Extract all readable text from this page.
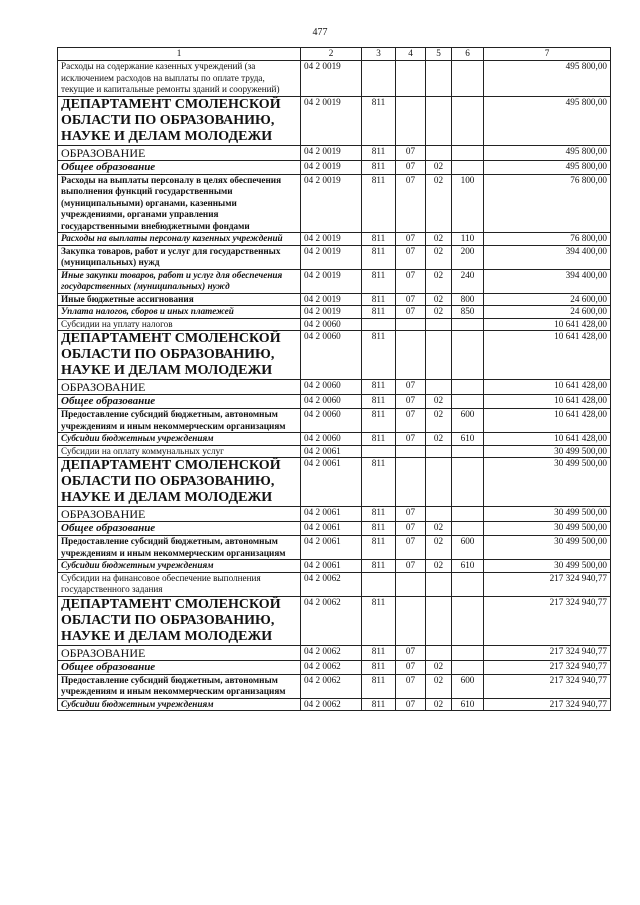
477
1	2	3	4	5	6	7
Расходы на содержание казенных учреждений (за исключением расходов на выплаты по оплате труда, текущие и капитальные ремонты зданий и сооружений)	04 2 0019					495 800,00
ДЕПАРТАМЕНТ СМОЛЕНСКОЙ ОБЛАСТИ ПО ОБРАЗОВАНИЮ, НАУКЕ И ДЕЛАМ МОЛОДЕЖИ	04 2 0019	811				495 800,00
ОБРАЗОВАНИЕ	04 2 0019	811	07			495 800,00
Общее образование	04 2 0019	811	07	02		495 800,00
Расходы на выплаты персоналу в целях обеспечения выполнения функций государственными (муниципальными) органами, казенными учреждениями, органами управления государственными внебюджетными фондами	04 2 0019	811	07	02	100	76 800,00
Расходы на выплаты персоналу казенных учреждений	04 2 0019	811	07	02	110	76 800,00
Закупка товаров, работ и услуг для государственных (муниципальных) нужд	04 2 0019	811	07	02	200	394 400,00
Иные закупки товаров, работ и услуг для обеспечения государственных (муниципальных) нужд	04 2 0019	811	07	02	240	394 400,00
Иные бюджетные ассигнования	04 2 0019	811	07	02	800	24 600,00
Уплата налогов, сборов и иных платежей	04 2 0019	811	07	02	850	24 600,00
Субсидии на уплату налогов	04 2 0060					10 641 428,00
ДЕПАРТАМЕНТ СМОЛЕНСКОЙ ОБЛАСТИ ПО ОБРАЗОВАНИЮ, НАУКЕ И ДЕЛАМ МОЛОДЕЖИ	04 2 0060	811				10 641 428,00
ОБРАЗОВАНИЕ	04 2 0060	811	07			10 641 428,00
Общее образование	04 2 0060	811	07	02		10 641 428,00
Предоставление субсидий бюджетным, автономным учреждениям и иным некоммерческим организациям	04 2 0060	811	07	02	600	10 641 428,00
Субсидии бюджетным учреждениям	04 2 0060	811	07	02	610	10 641 428,00
Субсидии на оплату коммунальных услуг	04 2 0061					30 499 500,00
ДЕПАРТАМЕНТ СМОЛЕНСКОЙ ОБЛАСТИ ПО ОБРАЗОВАНИЮ, НАУКЕ И ДЕЛАМ МОЛОДЕЖИ	04 2 0061	811				30 499 500,00
ОБРАЗОВАНИЕ	04 2 0061	811	07			30 499 500,00
Общее образование	04 2 0061	811	07	02		30 499 500,00
Предоставление субсидий бюджетным, автономным учреждениям и иным некоммерческим организациям	04 2 0061	811	07	02	600	30 499 500,00
Субсидии бюджетным учреждениям	04 2 0061	811	07	02	610	30 499 500,00
Субсидии на финансовое обеспечение выполнения государственного задания	04 2 0062					217 324 940,77
ДЕПАРТАМЕНТ СМОЛЕНСКОЙ ОБЛАСТИ ПО ОБРАЗОВАНИЮ, НАУКЕ И ДЕЛАМ МОЛОДЕЖИ	04 2 0062	811				217 324 940,77
ОБРАЗОВАНИЕ	04 2 0062	811	07			217 324 940,77
Общее образование	04 2 0062	811	07	02		217 324 940,77
Предоставление субсидий бюджетным, автономным учреждениям и иным некоммерческим организациям	04 2 0062	811	07	02	600	217 324 940,77
Субсидии бюджетным учреждениям	04 2 0062	811	07	02	610	217 324 940,77
